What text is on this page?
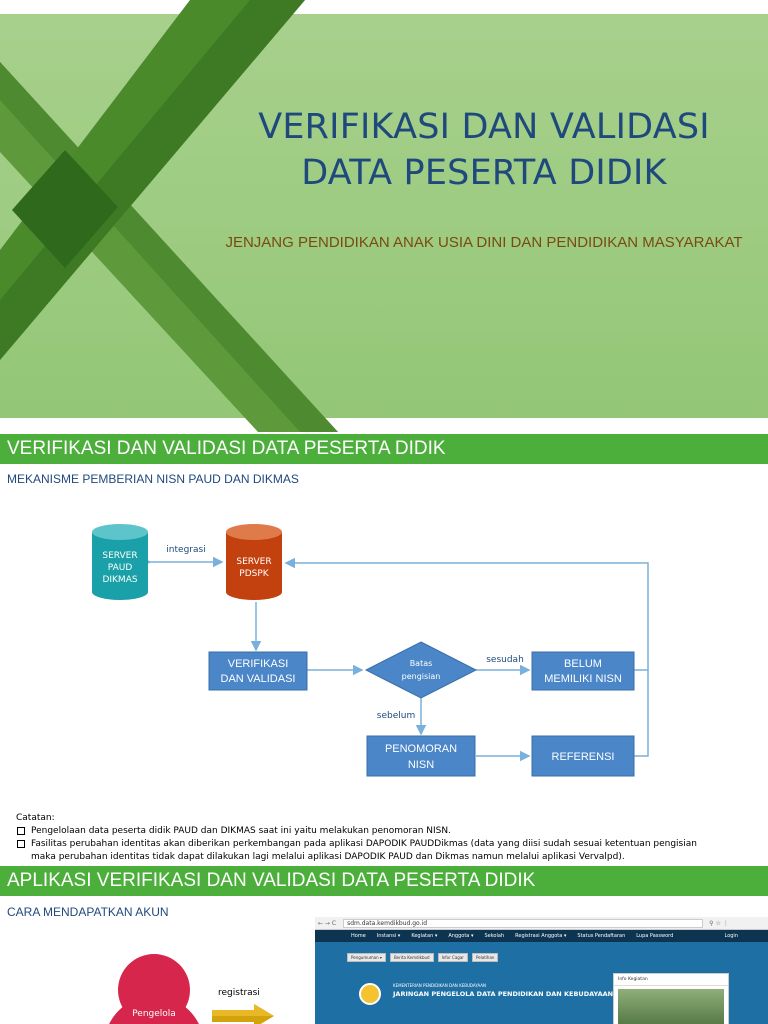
VERIFIKASI DAN VALIDASI
DATA PESERTA DIDIK
JENJANG PENDIDIKAN ANAK USIA DINI DAN PENDIDIKAN MASYARAKAT
VERIFIKASI DAN VALIDASI DATA PESERTA DIDIK
MEKANISME PEMBERIAN NISN PAUD DAN DIKMAS
SERVER
PAUD
DIKMAS
SERVER
PDSPK
VERIFIKASI
DAN VALIDASI
Batas
pengisian
BELUM
MEMILIKI NISN
PENOMORAN
NISN
REFERENSI
integrasi
sesudah
sebelum
Catatan:
Pengelolaan data peserta didik PAUD dan DIKMAS saat ini yaitu melakukan penomoran NISN.
Fasilitas perubahan identitas akan diberikan perkembangan pada aplikasi DAPODIK PAUDDikmas (data yang diisi sudah sesuai ketentuan pengisian
maka perubahan identitas tidak dapat dilakukan lagi melalui aplikasi DAPODIK PAUD dan Dikmas namun melalui aplikasi Vervalpd).
APLIKASI VERIFIKASI DAN VALIDASI DATA PESERTA DIDIK
CARA MENDAPATKAN AKUN
Pengelola
registrasi
← → C	sdm.data.kemdikbud.go.id	⚲☆⋮
Home Instansi ▾ Kegiatan ▾ Anggota ▾ Sekolah Registrasi Anggota ▾ Status Pendaftaran Lupa Password	Login
Pengumuman ▾	Berita Kemdikbud	Infor Cagar	Pelatihan
KEMENTERIAN PENDIDIKAN DAN KEBUDAYAAN
JARINGAN PENGELOLA DATA PENDIDIKAN DAN KEBUDAYAAN
Info Kegiatan
